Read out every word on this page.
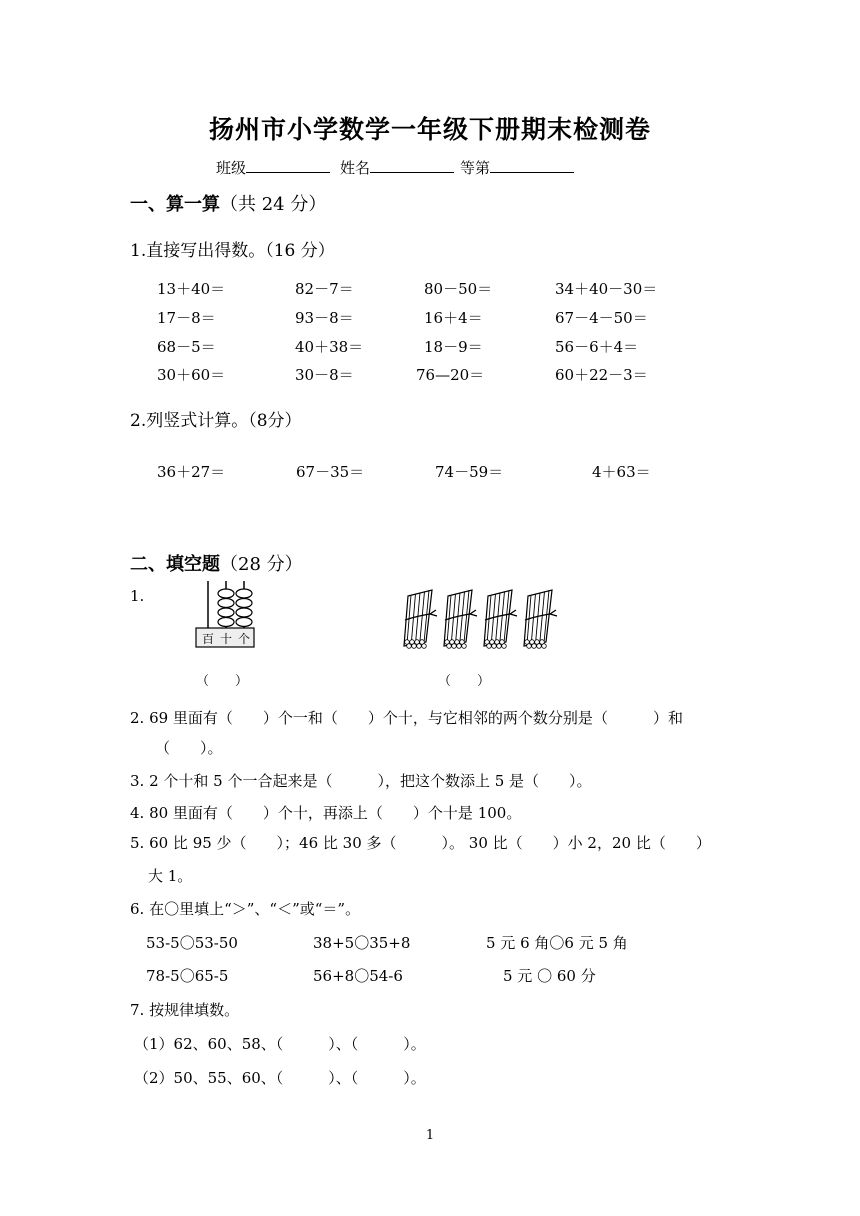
扬州市小学数学一年级下册期末检测卷
班级	姓名	等第
一、算一算（共 24 分）
1.直接写出得数。（16 分）
13＋40＝	82－7＝	80－50＝	34＋40－30＝
17－8＝	93－8＝	16＋4＝	67－4－50＝
68－5＝	40＋38＝	18－9＝	56－6＋4＝
30＋60＝	30－8＝	76—20＝	60＋22－3＝
2.列竖式计算。（8分）
36＋27＝	67－35＝	74－59＝	4＋63＝
二、填空题（28 分）
1.
百 十 个
（　　）	（　　）
2. 69 里面有（　　）个一和（　　）个十，与它相邻的两个数分别是（　　　）和
（　　）。
3. 2 个十和 5 个一合起来是（　　　），把这个数添上 5 是（　　）。
4. 80 里面有（　　）个十，再添上（　　）个十是 100。
5. 60 比 95 少（　　）；46 比 30 多（　　　）。 30 比（　　）小 2，20 比（　　）
大 1。
6. 在〇里填上“＞”、“＜”或“＝”。
53-5〇53-50	38+5〇35+8	5 元 6 角〇6 元 5 角
78-5〇65-5	56+8〇54-6	5 元 〇 60 分
7. 按规律填数。
（1）62、60、58、（　　　）、（　　　）。
（2）50、55、60、（　　　）、（　　　）。
1
